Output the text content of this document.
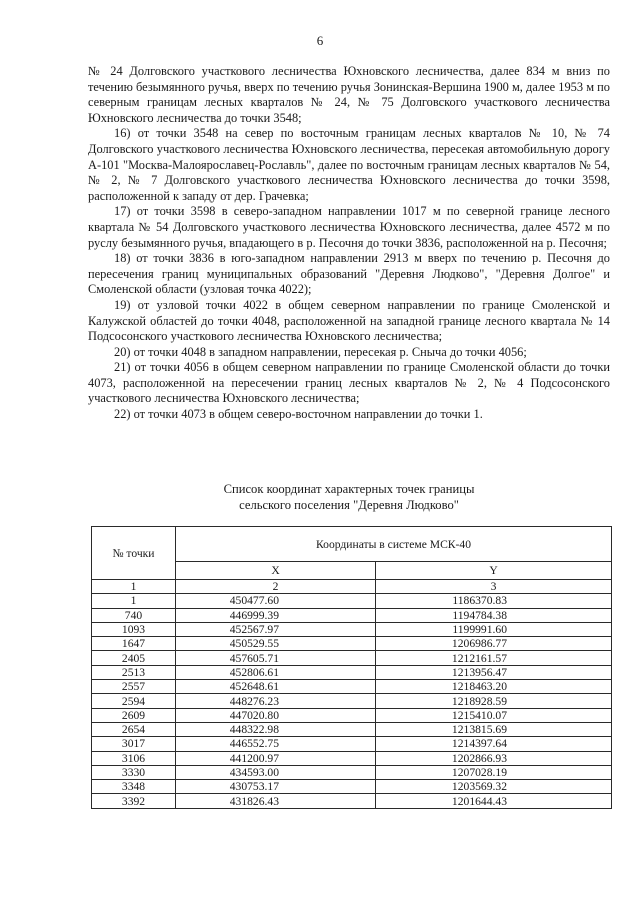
6

№ 24 Долговского участкового лесничества Юхновского лесничества, далее 834 м вниз по течению безымянного ручья, вверх по течению ручья Зонинская-Вершина 1900 м, далее 1953 м по северным границам лесных кварталов № 24, № 75 Долговского участкового лесничества Юхновского лесничества до точки 3548;

16) от точки 3548 на север по восточным границам лесных кварталов № 10, № 74 Долговского участкового лесничества Юхновского лесничества, пересекая автомобильную дорогу А-101 "Москва-Малоярославец-Рославль", далее по восточным границам лесных кварталов № 54, № 2, № 7 Долговского участкового лесничества Юхновского лесничества до точки 3598, расположенной к западу от дер. Грачевка;

17) от точки 3598 в северо-западном направлении 1017 м по северной границе лесного квартала № 54 Долговского участкового лесничества Юхновского лесничества, далее 4572 м по руслу безымянного ручья, впадающего в р. Песочня до точки 3836, расположенной на р. Песочня;

18) от точки 3836 в юго-западном направлении 2913 м вверх по течению р. Песочня до пересечения границ муниципальных образований "Деревня Людково", "Деревня Долгое" и Смоленской области (узловая точка 4022);

19) от узловой точки 4022 в общем северном направлении по границе Смоленской и Калужской областей до точки 4048, расположенной на западной границе лесного квартала № 14 Подсосонского участкового лесничества Юхновского лесничества;

20) от точки 4048 в западном направлении, пересекая р. Сныча до точки 4056;

21) от точки 4056 в общем северном направлении по границе Смоленской области до точки 4073, расположенной на пересечении границ лесных кварталов № 2, № 4 Подсосонского участкового лесничества Юхновского лесничества;

22) от точки 4073 в общем северо-восточном направлении до точки 1.

Список координат характерных точек границы
сельского поселения "Деревня Людково"
№ точки	Координаты в системе МСК-40	
	X	Y
1	2	3
1	450477.60	1186370.83
740	446999.39	1194784.38
1093	452567.97	1199991.60
1647	450529.55	1206986.77
2405	457605.71	1212161.57
2513	452806.61	1213956.47
2557	452648.61	1218463.20
2594	448276.23	1218928.59
2609	447020.80	1215410.07
2654	448322.98	1213815.69
3017	446552.75	1214397.64
3106	441200.97	1202866.93
3330	434593.00	1207028.19
3348	430753.17	1203569.32
3392	431826.43	1201644.43
